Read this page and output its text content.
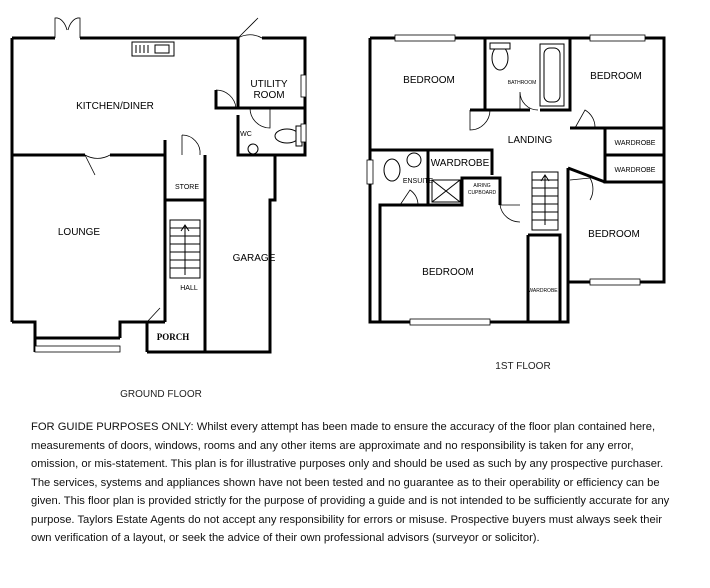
KITCHEN/DINER
UTILITY
ROOM
WC
LOUNGE
STORE
GARAGE
HALL
PORCH
GROUND FLOOR
BEDROOM	BATHROOM
BEDROOM
LANDING
WARDROBE
WARDROBE
WARDROBE
ENSUITE
AIRING
CUPBOARD
BEDROOM
BEDROOM
WARDROBE
1ST FLOOR

FOR GUIDE PURPOSES ONLY: Whilst every attempt has been made to ensure the accuracy of the floor plan contained here, measurements of doors, windows, rooms and any other items are approximate and no responsibility is taken for any error, omission, or mis-statement. This plan is for illustrative purposes only and should be used as such by any prospective purchaser. The services, systems and appliances shown have not been tested and no guarantee as to their operability or efficiency can be given. This floor plan is provided strictly for the purpose of providing a guide and is not intended to be sufficiently accurate for any purpose. Taylors Estate Agents do not accept any responsibility for errors or misuse. Prospective buyers must always seek their own verification of a layout, or seek the advice of their own professional advisors (surveyor or solicitor).
